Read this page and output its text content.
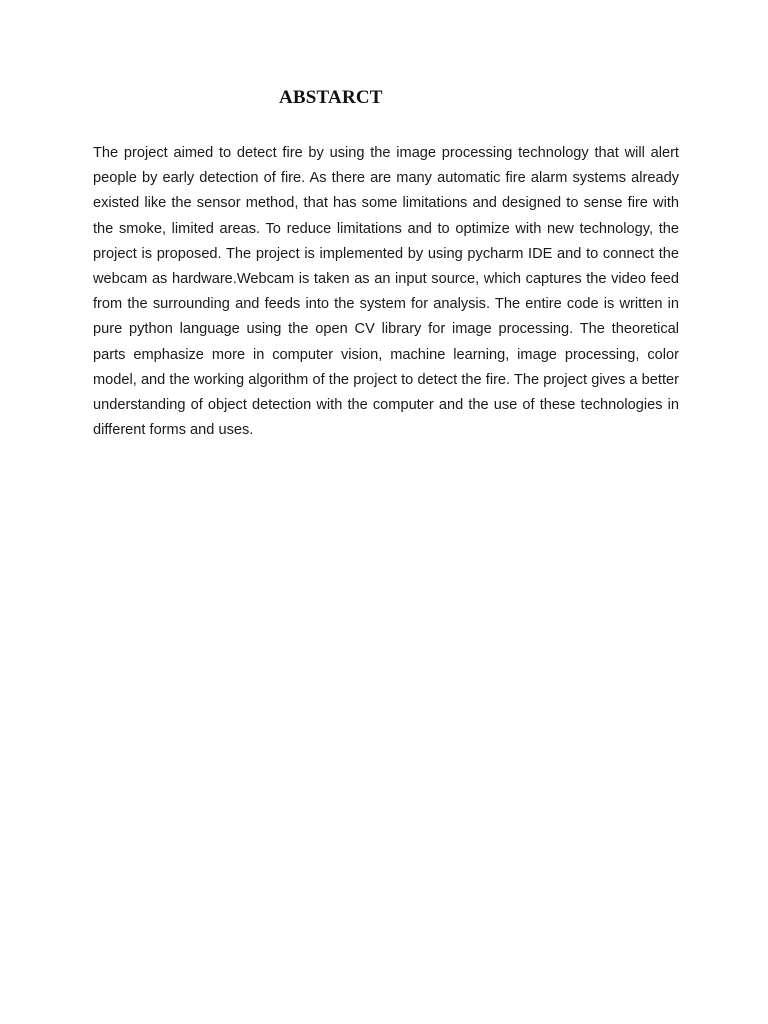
ABSTARCT

The project aimed to detect fire by using the image processing technology that will alert people by early detection of fire. As there are many automatic fire alarm systems already existed like the sensor method, that has some limitations and designed to sense fire with the smoke, limited areas. To reduce limitations and to optimize with new technology, the project is proposed. The project is implemented by using pycharm IDE and to connect the webcam as hardware.Webcam is taken as an input source, which captures the video feed from the surrounding and feeds into the system for analysis. The entire code is written in pure python language using the open CV library for image processing. The theoretical parts emphasize more in computer vision, machine learning, image processing, color model, and the working algorithm of the project to detect the fire. The project gives a better understanding of object detection with the computer and the use of these technologies in different forms and uses.
